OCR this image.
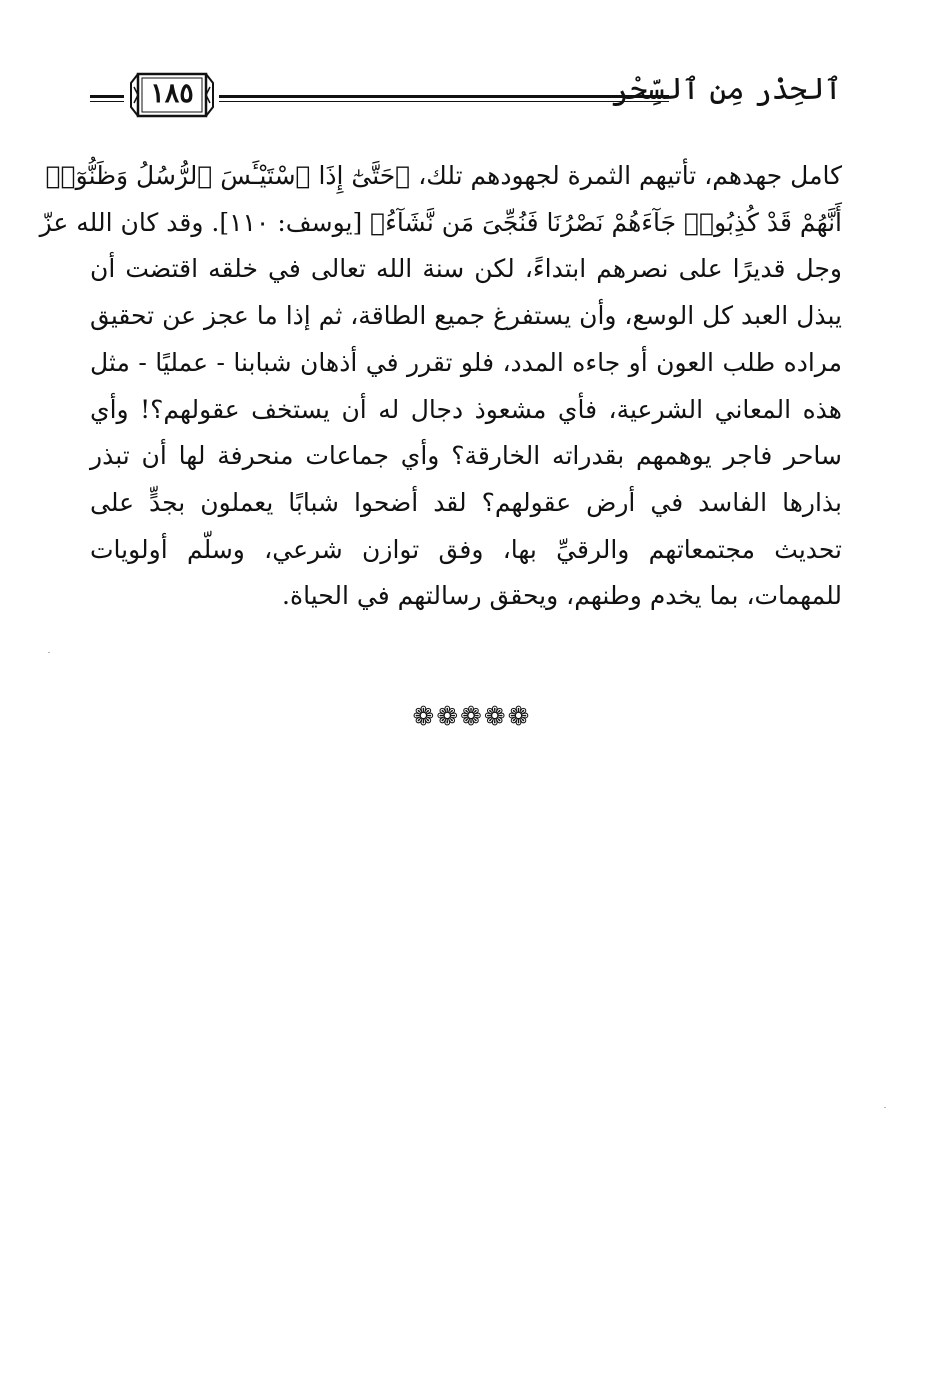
ٱلحِذْر مِن ٱلسِّحْر
١٨٥
كامل جهدهم، تأتيهم الثمرة لجهودهم تلك، ﴿حَتَّىٰٓ إِذَا ٱسْتَيْـَٔسَ ٱلرُّسُلُ وَظَنُّوٓا۟
أَنَّهُمْ قَدْ كُذِبُوا۟ جَآءَهُمْ نَصْرُنَا فَنُجِّىَ مَن نَّشَآءُ﴾ [يوسف: ١١٠]. وقد كان الله عزّ
وجل قديرًا على نصرهم ابتداءً، لكن سنة الله تعالى في خلقه اقتضت أن
يبذل العبد كل الوسع، وأن يستفرغ جميع الطاقة، ثم إذا ما عجز عن تحقيق
مراده طلب العون أو جاءه المدد، فلو تقرر في أذهان شبابنا - عمليًا - مثل
هذه المعاني الشرعية، فأي مشعوذ دجال له أن يستخف عقولهم؟! وأي
ساحر فاجر يوهمهم بقدراته الخارقة؟ وأي جماعات منحرفة لها أن تبذر
بذارها الفاسد في أرض عقولهم؟ لقد أضحوا شبابًا يعملون بجدٍّ على
تحديث مجتمعاتهم والرقيِّ بها، وفق توازن شرعي، وسلّم أولويات
للمهمات، بما يخدم وطنهم، ويحقق رسالتهم في الحياة.
❁❁❁❁❁
